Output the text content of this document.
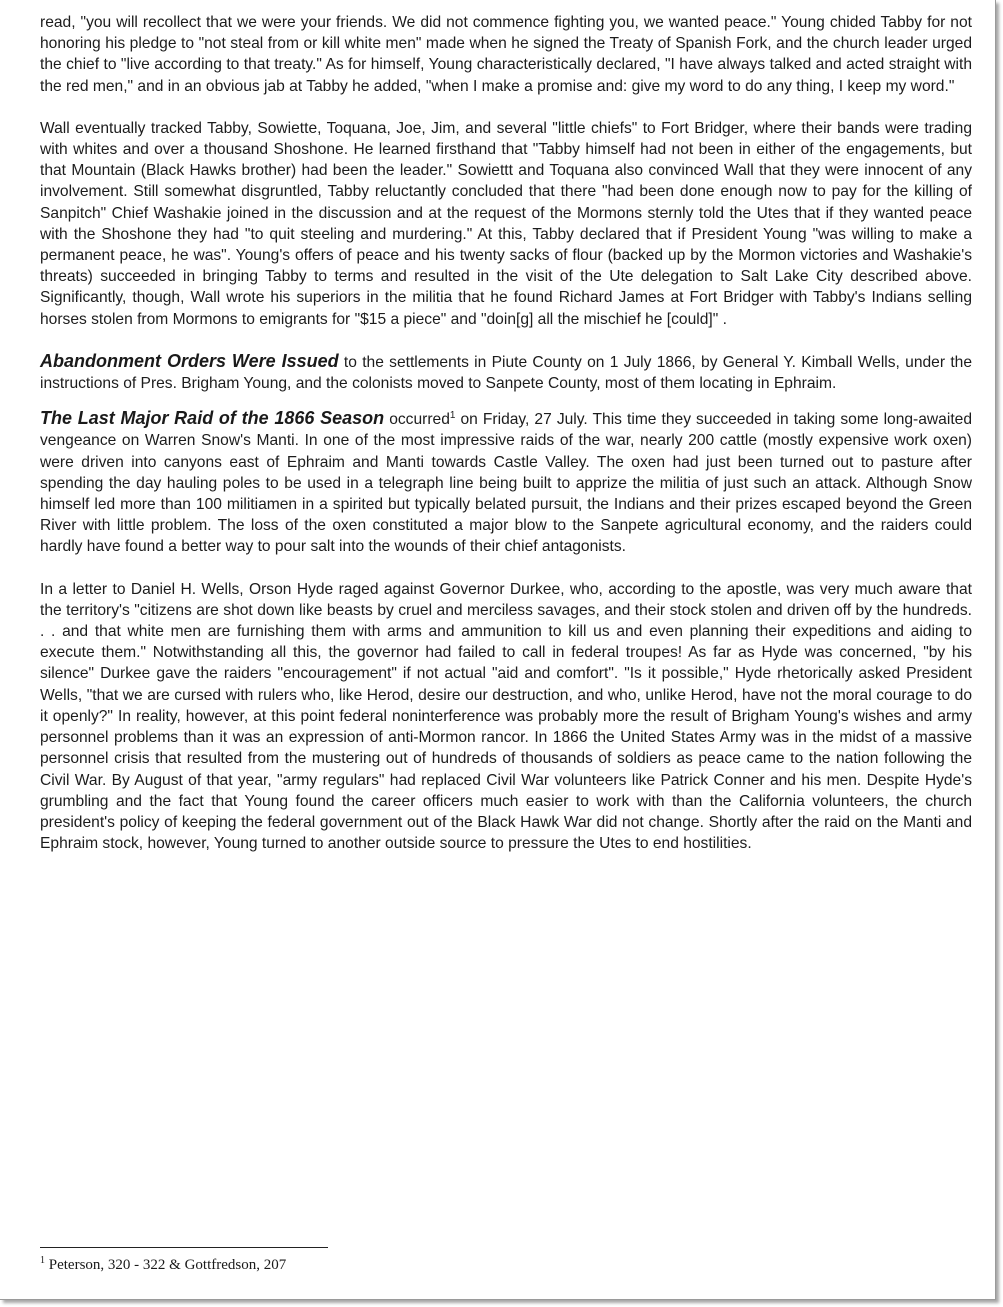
read, "you will recollect that we were your friends. We did not commence fighting you, we wanted peace." Young chided Tabby for not honoring his pledge to "not steal from or kill white men" made when he signed the Treaty of Spanish Fork, and the church leader urged the chief to "live according to that treaty." As for himself, Young characteristically declared, "I have always talked and acted straight with the red men," and in an obvious jab at Tabby he added, "when I make a promise and: give my word to do any thing, I keep my word."

Wall eventually tracked Tabby, Sowiette, Toquana, Joe, Jim, and several "little chiefs" to Fort Bridger, where their bands were trading with whites and over a thousand Shoshone. He learned firsthand that "Tabby himself had not been in either of the engagements, but that Mountain (Black Hawks brother) had been the leader." Sowiettt and Toquana also convinced Wall that they were innocent of any involvement. Still somewhat disgruntled, Tabby reluctantly concluded that there "had been done enough now to pay for the killing of Sanpitch" Chief Washakie joined in the discussion and at the request of the Mormons sternly told the Utes that if they wanted peace with the Shoshone they had "to quit steeling and murdering." At this, Tabby declared that if President Young "was willing to make a permanent peace, he was". Young's offers of peace and his twenty sacks of flour (backed up by the Mormon victories and Washakie's threats) succeeded in bringing Tabby to terms and resulted in the visit of the Ute delegation to Salt Lake City described above. Significantly, though, Wall wrote his superiors in the militia that he found Richard James at Fort Bridger with Tabby's Indians selling horses stolen from Mormons to emigrants for "$15 a piece" and "doin[g] all the mischief he [could]" .

Abandonment Orders Were Issued to the settlements in Piute County on 1 July 1866, by General Y. Kimball Wells, under the instructions of Pres. Brigham Young, and the colonists moved to Sanpete County, most of them locating in Ephraim.

The Last Major Raid of the 1866 Season occurred$^1$ on Friday, 27 July. This time they succeeded in taking some long-awaited vengeance on Warren Snow's Manti. In one of the most impressive raids of the war, nearly 200 cattle (mostly expensive work oxen) were driven into canyons east of Ephraim and Manti towards Castle Valley. The oxen had just been turned out to pasture after spending the day hauling poles to be used in a telegraph line being built to apprize the militia of just such an attack. Although Snow himself led more than 100 militiamen in a spirited but typically belated pursuit, the Indians and their prizes escaped beyond the Green River with little problem. The loss of the oxen constituted a major blow to the Sanpete agricultural economy, and the raiders could hardly have found a better way to pour salt into the wounds of their chief antagonists.

In a letter to Daniel H. Wells, Orson Hyde raged against Governor Durkee, who, according to the apostle, was very much aware that the territory's "citizens are shot down like beasts by cruel and merciless savages, and their stock stolen and driven off by the hundreds. . . and that white men are furnishing them with arms and ammunition to kill us and even planning their expeditions and aiding to execute them." Notwithstanding all this, the governor had failed to call in federal troupes! As far as Hyde was concerned, "by his silence" Durkee gave the raiders "encouragement" if not actual "aid and comfort". "Is it possible," Hyde rhetorically asked President Wells, "that we are cursed with rulers who, like Herod, desire our destruction, and who, unlike Herod, have not the moral courage to do it openly?" In reality, however, at this point federal noninterference was probably more the result of Brigham Young's wishes and army personnel problems than it was an expression of anti-Mormon rancor. In 1866 the United States Army was in the midst of a massive personnel crisis that resulted from the mustering out of hundreds of thousands of soldiers as peace came to the nation following the Civil War. By August of that year, "army regulars" had replaced Civil War volunteers like Patrick Conner and his men. Despite Hyde's grumbling and the fact that Young found the career officers much easier to work with than the California volunteers, the church president's policy of keeping the federal government out of the Black Hawk War did not change. Shortly after the raid on the Manti and Ephraim stock, however, Young turned to another outside source to pressure the Utes to end hostilities.

$^1$ Peterson, 320 - 322 & Gottfredson, 207
